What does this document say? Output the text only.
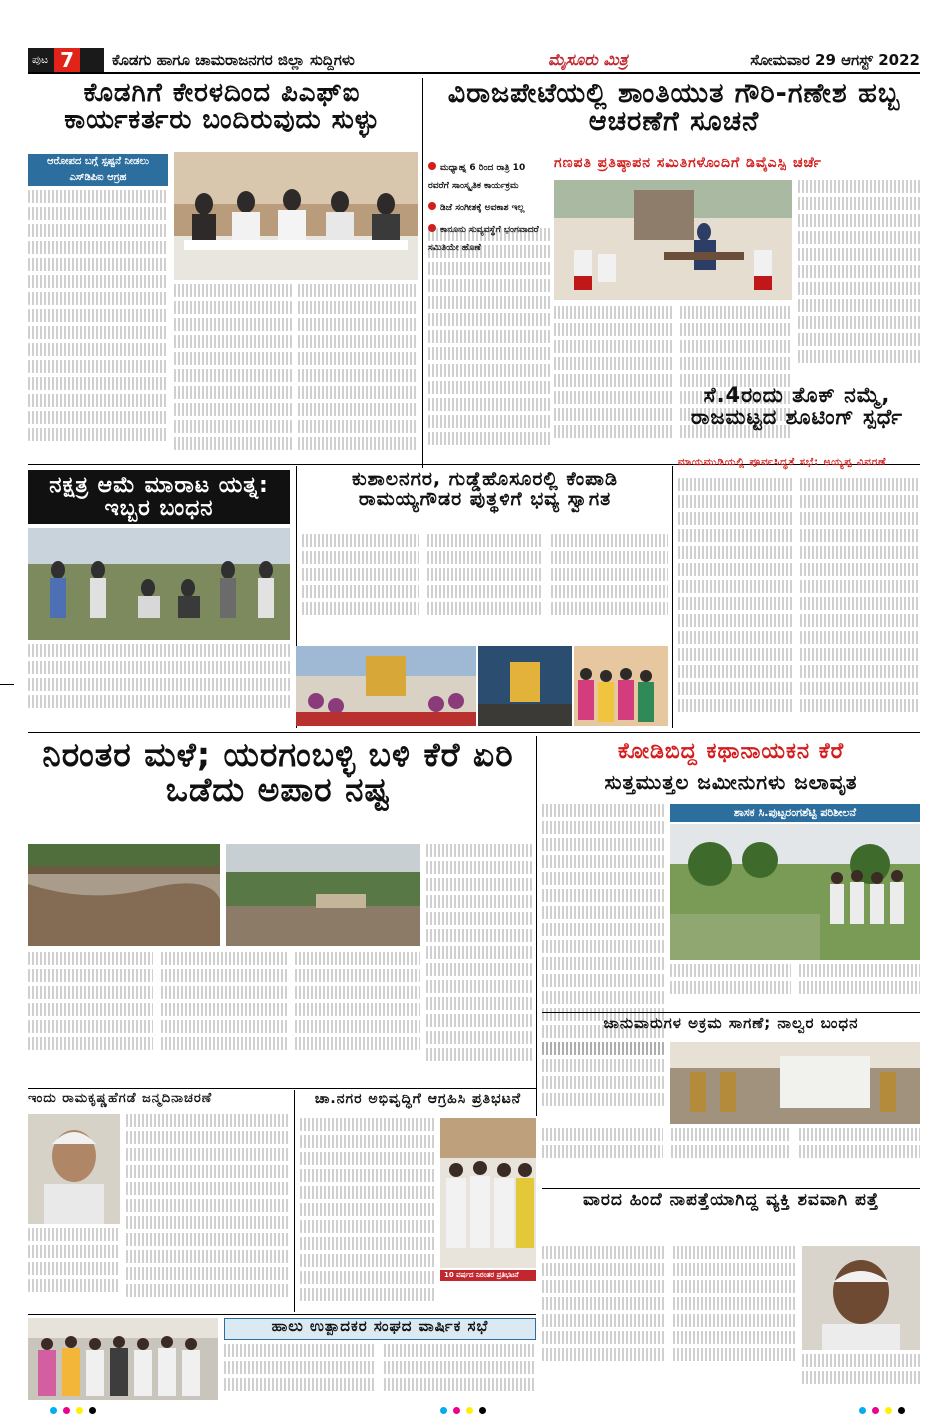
ಪುಟ 7	ಕೊಡಗು ಹಾಗೂ ಚಾಮರಾಜನಗರ ಜಿಲ್ಲಾ ಸುದ್ದಿಗಳು	ಮೈಸೂರು ಮಿತ್ರ	ಸೋಮವಾರ 29 ಆಗಸ್ಟ್ 2022
ಕೊಡಗಿಗೆ ಕೇರಳದಿಂದ ಪಿಎಫ್‌ಐ ಕಾರ್ಯಕರ್ತರು ಬಂದಿರುವುದು ಸುಳ್ಳು
ವಿರಾಜಪೇಟೆಯಲ್ಲಿ ಶಾಂತಿಯುತ ಗೌರಿ-ಗಣೇಶ ಹಬ್ಬ ಆಚರಣೆಗೆ ಸೂಚನೆ
ಆರೋಪದ ಬಗ್ಗೆ ಸ್ಪಷ್ಟನೆ ನೀಡಲು ಎಸ್‌ಡಿಪಿಐ ಆಗ್ರಹ
ಮಧ್ಯಾಹ್ನ 6 ರಿಂದ ರಾತ್ರಿ 10 ರವರೆಗೆ ಸಾಂಸ್ಕೃತಿಕ ಕಾರ್ಯಕ್ರಮ
ಡಿಜೆ ಸಂಗೀತಕ್ಕೆ ಅವಕಾಶ ಇಲ್ಲ
ಕಾನೂನು ಸುವ್ಯವಸ್ಥೆಗೆ ಭಂಗವಾದರೆ ಸಮಿತಿಯೇ ಹೊಣೆ
ಗಣಪತಿ ಪ್ರತಿಷ್ಠಾಪನ ಸಮಿತಿಗಳೊಂದಿಗೆ ಡಿವೈಎಸ್ಪಿ ಚರ್ಚೆ
ಸೆ.4ರಂದು ತೊಕ್ ನಮ್ಮೆ, ರಾಜಮಟ್ಟದ ಶೂಟಿಂಗ್ ಸ್ಪರ್ಧೆ
ನಕ್ಷತ್ರ ಆಮೆ ಮಾರಾಟ ಯತ್ನ: ಇಬ್ಬರ ಬಂಧನ
ಕುಶಾಲನಗರ, ಗುಡ್ಡೆಹೊಸೂರಲ್ಲಿ ಕೆಂಪಾಡಿ ರಾಮಯ್ಯಗೌಡರ ಪುತ್ಥಳಿಗೆ ಭವ್ಯ ಸ್ವಾಗತ
ಮಾಯಮುಡಿಯಲ್ಲಿ ಪೂರ್ವಸಿದ್ಧತೆ ಸಭೆ: ಅಯ್ಯಪ್ಪ ವಿವರಣೆ
ನಿರಂತರ ಮಳೆ; ಯರಗಂಬಳ್ಳಿ ಬಳಿ ಕೆರೆ ಏರಿ ಒಡೆದು ಅಪಾರ ನಷ್ಟ
ಕೋಡಿಬಿದ್ದ ಕಥಾನಾಯಕನ ಕೆರೆ
ಸುತ್ತಮುತ್ತಲ ಜಮೀನುಗಳು ಜಲಾವೃತ
ಶಾಸಕ ಸಿ.ಪುಟ್ಟರಂಗಶೆಟ್ಟಿ ಪರಿಶೀಲನೆ
ಜಾನುವಾರುಗಳ ಅಕ್ರಮ ಸಾಗಣೆ; ನಾಲ್ವರ ಬಂಧನ
ಇಂದು ರಾಮಕೃಷ್ಣಹೆಗಡೆ ಜನ್ಮದಿನಾಚರಣೆ	ಚಾ.ನಗರ ಅಭಿವೃದ್ಧಿಗೆ ಆಗ್ರಹಿಸಿ ಪ್ರತಿಭಟನೆ
10 ವರ್ಷದ ನಿರಂತರ ಪ್ರತಿಭಟನೆ
ಹಾಲು ಉತ್ಪಾದಕರ ಸಂಘದ ವಾರ್ಷಿಕ ಸಭೆ
ವಾರದ ಹಿಂದೆ ನಾಪತ್ತೆಯಾಗಿದ್ದ ವ್ಯಕ್ತಿ ಶವವಾಗಿ ಪತ್ತೆ
